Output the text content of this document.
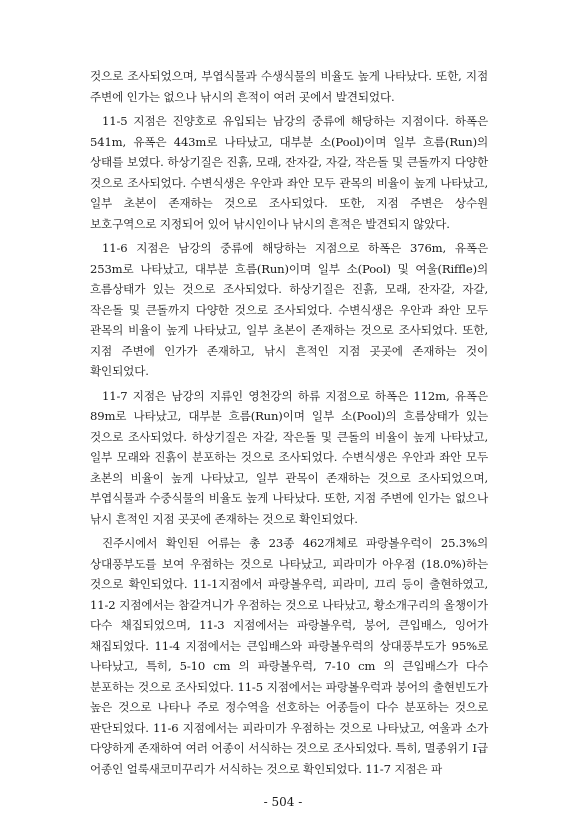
것으로 조사되었으며, 부엽식물과 수생식물의 비율도 높게 나타났다. 또한, 지점 주변에 인가는 없으나 낚시의 흔적이 여러 곳에서 발견되었다.

11-5 지점은 진양호로 유입되는 남강의 중류에 해당하는 지점이다. 하폭은 541m, 유폭은 443m로 나타났고, 대부분 소(Pool)이며 일부 흐름(Run)의 상태를 보였다. 하상기질은 진흙, 모래, 잔자갈, 자갈, 작은돌 및 큰돌까지 다양한 것으로 조사되었다. 수변식생은 우안과 좌안 모두 관목의 비율이 높게 나타났고, 일부 초본이 존재하는 것으로 조사되었다. 또한, 지점 주변은 상수원 보호구역으로 지정되어 있어 낚시인이나 낚시의 흔적은 발견되지 않았다.

11-6 지점은 남강의 중류에 해당하는 지점으로 하폭은 376m, 유폭은 253m로 나타났고, 대부분 흐름(Run)이며 일부 소(Pool) 및 여울(Riffle)의 흐름상태가 있는 것으로 조사되었다. 하상기질은 진흙, 모래, 잔자갈, 자갈, 작은돌 및 큰돌까지 다양한 것으로 조사되었다. 수변식생은 우안과 좌안 모두 관목의 비율이 높게 나타났고, 일부 초본이 존재하는 것으로 조사되었다. 또한, 지점 주변에 인가가 존재하고, 낚시 흔적인 지점 곳곳에 존재하는 것이 확인되었다.

11-7 지점은 남강의 지류인 영천강의 하류 지점으로 하폭은 112m, 유폭은 89m로 나타났고, 대부분 흐름(Run)이며 일부 소(Pool)의 흐름상태가 있는 것으로 조사되었다. 하상기질은 자갈, 작은돌 및 큰돌의 비율이 높게 나타났고, 일부 모래와 진흙이 분포하는 것으로 조사되었다. 수변식생은 우안과 좌안 모두 초본의 비율이 높게 나타났고, 일부 관목이 존재하는 것으로 조사되었으며, 부엽식물과 수중식물의 비율도 높게 나타났다. 또한, 지점 주변에 인가는 없으나 낚시 흔적인 지점 곳곳에 존재하는 것으로 확인되었다.

진주시에서 확인된 어류는 총 23종 462개체로 파랑볼우럭이 25.3%의 상대풍부도를 보여 우점하는 것으로 나타났고, 피라미가 아우점 (18.0%)하는 것으로 확인되었다. 11-1지점에서 파랑볼우럭, 피라미, 끄리 등이 출현하였고, 11-2 지점에서는 참갈겨니가 우점하는 것으로 나타났고, 황소개구리의 올챙이가 다수 채집되었으며, 11-3 지점에서는 파랑볼우럭, 붕어, 큰입배스, 잉어가 채집되었다. 11-4 지점에서는 큰입배스와 파랑볼우럭의 상대풍부도가 95%로 나타났고, 특히, 5-10 cm 의 파랑볼우럭, 7-10 cm 의 큰입배스가 다수 분포하는 것으로 조사되었다. 11-5 지점에서는 파랑볼우럭과 붕어의 출현빈도가 높은 것으로 나타나 주로 정수역을 선호하는 어종들이 다수 분포하는 것으로 판단되었다. 11-6 지점에서는 피라미가 우점하는 것으로 나타났고, 여울과 소가 다양하게 존재하여 여러 어종이 서식하는 것으로 조사되었다. 특히, 멸종위기 Ⅰ급 어종인 얼룩새코미꾸리가 서식하는 것으로 확인되었다. 11-7 지점은 파

- 504 -
